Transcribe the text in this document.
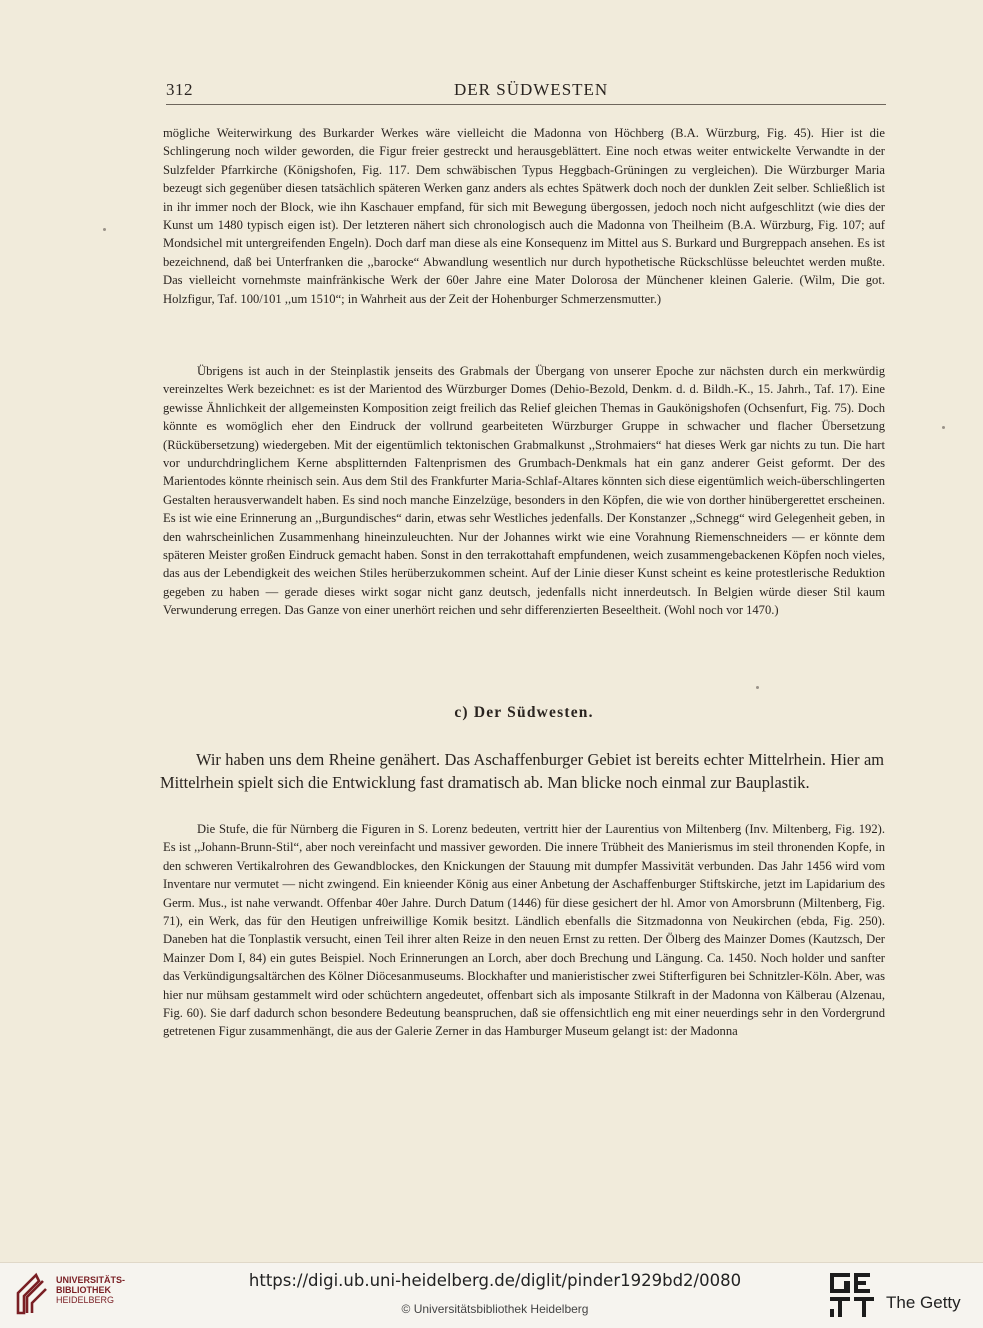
312	DER SÜDWESTEN

mögliche Weiterwirkung des Burkarder Werkes wäre vielleicht die Madonna von Höchberg (B.A. Würzburg, Fig. 45). Hier ist die Schlingerung noch wilder geworden, die Figur freier gestreckt und herausgeblättert. Eine noch etwas weiter entwickelte Verwandte in der Sulzfelder Pfarrkirche (Königshofen, Fig. 117. Dem schwäbischen Typus Heggbach-Grüningen zu vergleichen). Die Würzburger Maria bezeugt sich gegenüber diesen tatsächlich späteren Werken ganz anders als echtes Spätwerk doch noch der dunklen Zeit selber. Schließlich ist in ihr immer noch der Block, wie ihn Kaschauer empfand, für sich mit Bewegung übergossen, jedoch noch nicht aufgeschlitzt (wie dies der Kunst um 1480 typisch eigen ist). Der letzteren nähert sich chronologisch auch die Madonna von Theilheim (B.A. Würzburg, Fig. 107; auf Mondsichel mit untergreifenden Engeln). Doch darf man diese als eine Konsequenz im Mittel aus S. Burkard und Burgreppach ansehen. Es ist bezeichnend, daß bei Unterfranken die ,,barocke“ Abwandlung wesentlich nur durch hypothetische Rückschlüsse beleuchtet werden mußte. Das vielleicht vornehmste mainfränkische Werk der 60er Jahre eine Mater Dolorosa der Münchener kleinen Galerie. (Wilm, Die got. Holzfigur, Taf. 100/101 ,,um 1510“; in Wahrheit aus der Zeit der Hohenburger Schmerzensmutter.)

Übrigens ist auch in der Steinplastik jenseits des Grabmals der Übergang von unserer Epoche zur nächsten durch ein merkwürdig vereinzeltes Werk bezeichnet: es ist der Marientod des Würzburger Domes (Dehio-Bezold, Denkm. d. d. Bildh.-K., 15. Jahrh., Taf. 17). Eine gewisse Ähnlichkeit der allgemeinsten Komposition zeigt freilich das Relief gleichen Themas in Gaukönigshofen (Ochsenfurt, Fig. 75). Doch könnte es womöglich eher den Eindruck der vollrund gearbeiteten Würzburger Gruppe in schwacher und flacher Übersetzung (Rückübersetzung) wiedergeben. Mit der eigentümlich tektonischen Grabmalkunst ,,Strohmaiers“ hat dieses Werk gar nichts zu tun. Die hart vor undurchdringlichem Kerne absplitternden Faltenprismen des Grumbach-Denkmals hat ein ganz anderer Geist geformt. Der des Marientodes könnte rheinisch sein. Aus dem Stil des Frankfurter Maria-Schlaf-Altares könnten sich diese eigentümlich weich-überschlingerten Gestalten herausverwandelt haben. Es sind noch manche Einzelzüge, besonders in den Köpfen, die wie von dorther hinübergerettet erscheinen. Es ist wie eine Erinnerung an ,,Burgundisches“ darin, etwas sehr Westliches jedenfalls. Der Konstanzer ,,Schnegg“ wird Gelegenheit geben, in den wahrscheinlichen Zusammenhang hineinzuleuchten. Nur der Johannes wirkt wie eine Vorahnung Riemenschneiders — er könnte dem späteren Meister großen Eindruck gemacht haben. Sonst in den terrakottahaft empfundenen, weich zusammengebackenen Köpfen noch vieles, das aus der Lebendigkeit des weichen Stiles herüberzukommen scheint. Auf der Linie dieser Kunst scheint es keine protestlerische Reduktion gegeben zu haben — gerade dieses wirkt sogar nicht ganz deutsch, jedenfalls nicht innerdeutsch. In Belgien würde dieser Stil kaum Verwunderung erregen. Das Ganze von einer unerhört reichen und sehr differenzierten Beseeltheit. (Wohl noch vor 1470.)

c) Der Südwesten.

Wir haben uns dem Rheine genähert. Das Aschaffenburger Gebiet ist bereits echter Mittelrhein. Hier am Mittelrhein spielt sich die Entwicklung fast dramatisch ab. Man blicke noch einmal zur Bauplastik.

Die Stufe, die für Nürnberg die Figuren in S. Lorenz bedeuten, vertritt hier der Laurentius von Miltenberg (Inv. Miltenberg, Fig. 192). Es ist ,,Johann-Brunn-Stil“, aber noch vereinfacht und massiver geworden. Die innere Trübheit des Manierismus im steil thronenden Kopfe, in den schweren Vertikalrohren des Gewandblockes, den Knickungen der Stauung mit dumpfer Massivität verbunden. Das Jahr 1456 wird vom Inventare nur vermutet — nicht zwingend. Ein knieender König aus einer Anbetung der Aschaffenburger Stiftskirche, jetzt im Lapidarium des Germ. Mus., ist nahe verwandt. Offenbar 40er Jahre. Durch Datum (1446) für diese gesichert der hl. Amor von Amorsbrunn (Miltenberg, Fig. 71), ein Werk, das für den Heutigen unfreiwillige Komik besitzt. Ländlich ebenfalls die Sitzmadonna von Neukirchen (ebda, Fig. 250). Daneben hat die Tonplastik versucht, einen Teil ihrer alten Reize in den neuen Ernst zu retten. Der Ölberg des Mainzer Domes (Kautzsch, Der Mainzer Dom I, 84) ein gutes Beispiel. Noch Erinnerungen an Lorch, aber doch Brechung und Längung. Ca. 1450. Noch holder und sanfter das Verkündigungsaltärchen des Kölner Diöcesanmuseums. Blockhafter und manieristischer zwei Stifterfiguren bei Schnitzler-Köln. Aber, was hier nur mühsam gestammelt wird oder schüchtern angedeutet, offenbart sich als imposante Stilkraft in der Madonna von Kälberau (Alzenau, Fig. 60). Sie darf dadurch schon besondere Bedeutung beanspruchen, daß sie offensichtlich eng mit einer neuerdings sehr in den Vordergrund getretenen Figur zusammenhängt, die aus der Galerie Zerner in das Hamburger Museum gelangt ist: der Madonna

UNIVERSITÄTS-
BIBLIOTHEK
HEIDELBERG
https://digi.ub.uni-heidelberg.de/diglit/pinder1929bd2/0080
© Universitätsbibliothek Heidelberg	The Getty
